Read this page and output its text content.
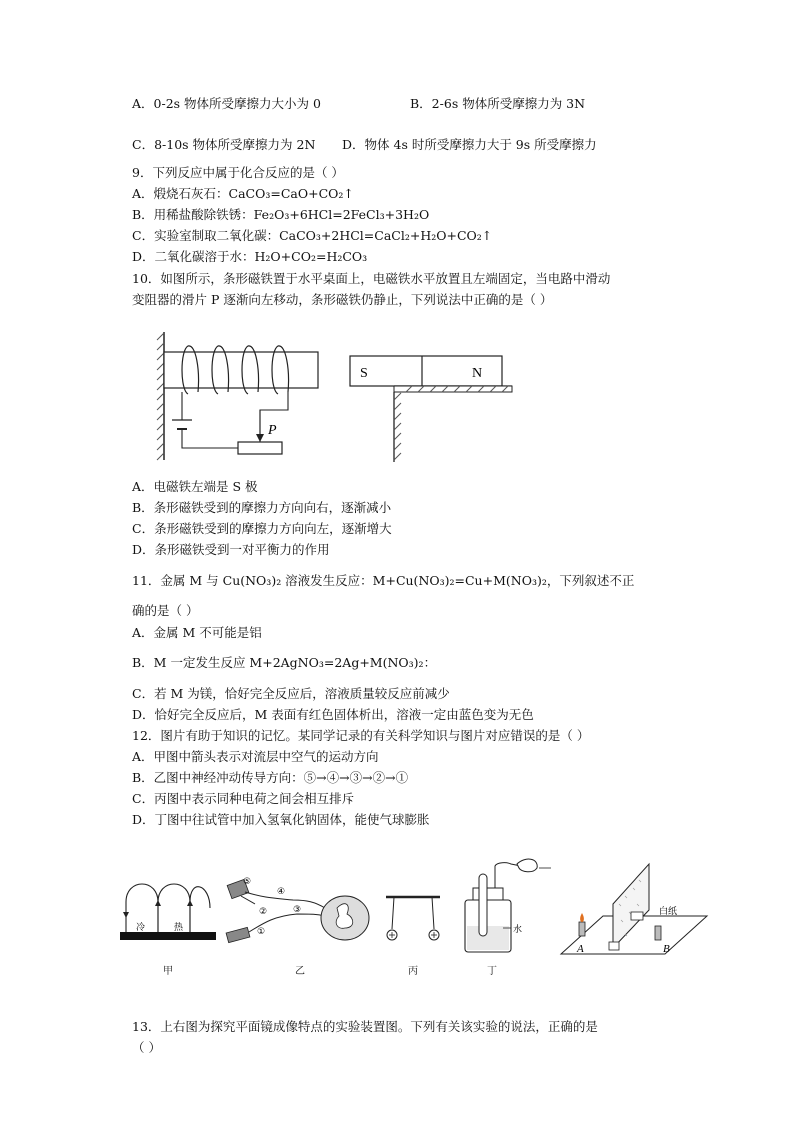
A．0-2s 物体所受摩擦力大小为 0	B．2-6s 物体所受摩擦力为 3N
C．8-10s 物体所受摩擦力为 2N D．物体 4s 时所受摩擦力大于 9s 所受摩擦力
9．下列反应中属于化合反应的是（ ）
A．煅烧石灰石：CaCO₃=CaO+CO₂↑
B．用稀盐酸除铁锈：Fe₂O₃+6HCl=2FeCl₃+3H₂O
C．实验室制取二氧化碳：CaCO₃+2HCl=CaCl₂+H₂O+CO₂↑
D．二氧化碳溶于水：H₂O+CO₂=H₂CO₃
10．如图所示，条形磁铁置于水平桌面上，电磁铁水平放置且左端固定，当电路中滑动
变阻器的滑片 P 逐渐向左移动，条形磁铁仍静止，下列说法中正确的是（ ）
P
S	N
A．电磁铁左端是 S 极
B．条形磁铁受到的摩擦力方向向右，逐渐减小
C．条形磁铁受到的摩擦力方向向左，逐渐增大
D．条形磁铁受到一对平衡力的作用
11．金属 M 与 Cu(NO₃)₂ 溶液发生反应：M+Cu(NO₃)₂=Cu+M(NO₃)₂，下列叙述不正
确的是（ ）
A．金属 M 不可能是铝
B．M 一定发生反应 M+2AgNO₃=2Ag+M(NO₃)₂：
C．若 M 为镁，恰好完全反应后，溶液质量较反应前减少
D．恰好完全反应后，M 表面有红色固体析出，溶液一定由蓝色变为无色
12．图片有助于知识的记忆。某同学记录的有关科学知识与图片对应错误的是（ ）
A．甲图中箭头表示对流层中空气的运动方向
B．乙图中神经冲动传导方向：⑤→④→③→②→①
C．丙图中表示同种电荷之间会相互排斥
D．丁图中往试管中加入氢氧化钠固体，能使气球膨胀
冷	热
甲
⑤
④
③
②
①
乙	丙
水
丁
白纸
A	B
13．上右图为探究平面镜成像特点的实验装置图。下列有关该实验的说法，正确的是
（ ）
